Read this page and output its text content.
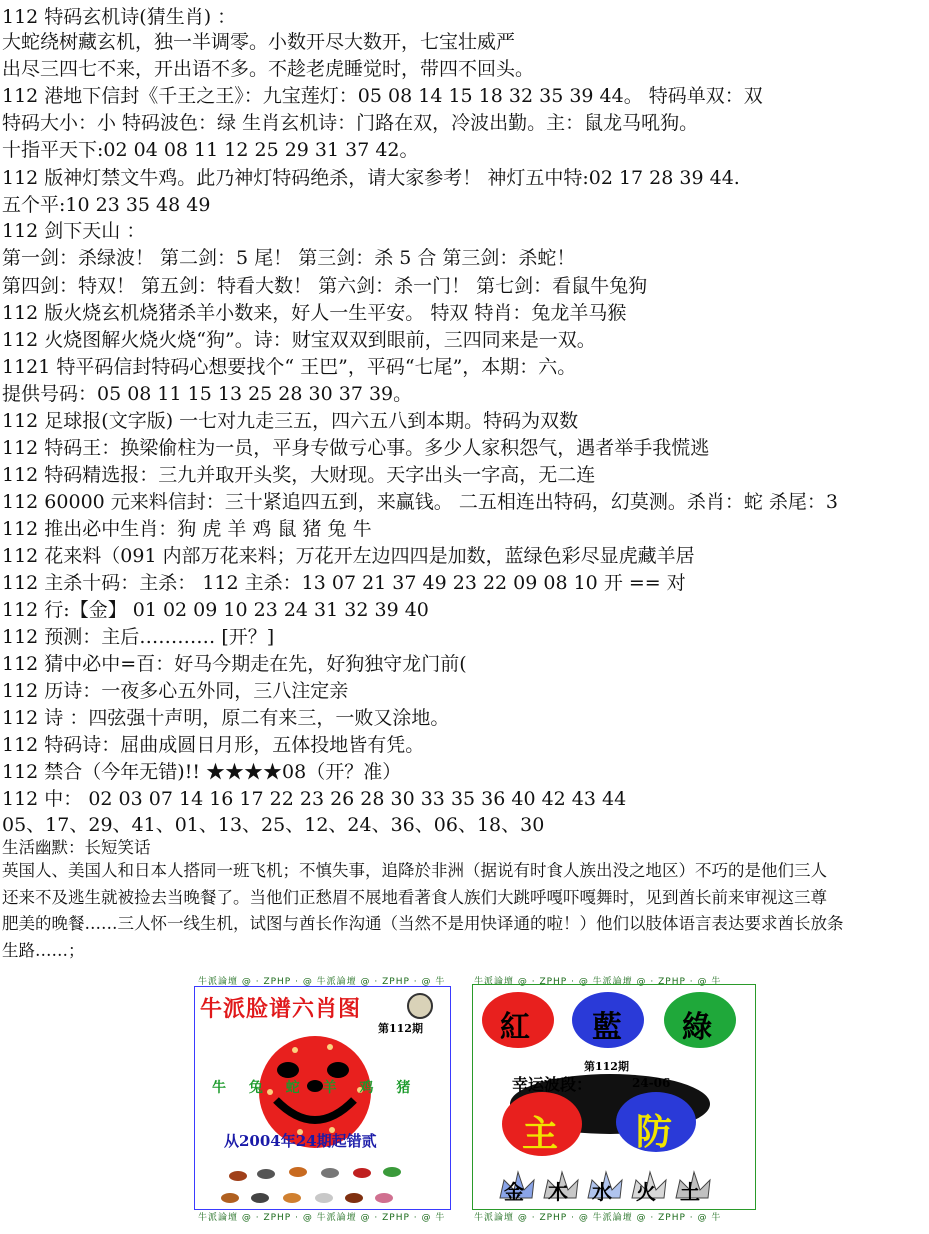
112 特码玄机诗(猜生肖) ：
大蛇绕树藏玄机，独一半调零。小数开尽大数开，七宝壮威严
出尽三四七不来，开出语不多。不趁老虎睡觉时，带四不回头。
112 港地下信封《千王之王》：九宝莲灯：05 08 14 15 18 32 35 39 44。 特码单双：双
特码大小：小 特码波色：绿 生肖玄机诗：门路在双，冷波出勤。主：鼠龙马吼狗。
十指平天下:02 04 08 11 12 25 29 31 37 42。
112 版神灯禁文牛鸡。此乃神灯特码绝杀，请大家参考！ 神灯五中特:02 17 28 39 44.
五个平:10 23 35 48 49
112 剑下天山 ：
第一剑：杀绿波！ 第二剑：5 尾！ 第三剑：杀 5 合 第三剑：杀蛇！
第四剑：特双！ 第五剑：特看大数！ 第六剑：杀一门！ 第七剑：看鼠牛兔狗
112 版火烧玄机烧猪杀羊小数来，好人一生平安。 特双 特肖：兔龙羊马猴
112 火烧图解火烧火烧“狗”。诗：财宝双双到眼前，三四同来是一双。
1121 特平码信封特码心想要找个“ 王巴”，平码“七尾”，本期：六。
提供号码：05 08 11 15 13 25 28 30 37 39。
112 足球报(文字版) 一七对九走三五，四六五八到本期。特码为双数
112 特码王：换梁偷柱为一员，平身专做亏心事。多少人家积怨气，遇者举手我慌逃
112 特码精选报：三九并取开头奖，大财现。天字出头一字高，无二连
112 60000 元来料信封：三十紧追四五到，来赢钱。 二五相连出特码，幻莫测。杀肖：蛇 杀尾：3
112 推出必中生肖：狗 虎 羊 鸡 鼠 猪 兔 牛
112 花来料（091 内部万花来料；万花开左边四四是加数，蓝绿色彩尽显虎藏羊居
112 主杀十码：主杀： 112 主杀：13 07 21 37 49 23 22 09 08 10 开 == 对
112 行:【金】 01 02 09 10 23 24 31 32 39 40
112 预测：主后………… [开？]
112 猜中必中=百：好马今期走在先，好狗独守龙门前(
112 历诗：一夜多心五外同，三八注定亲
112 诗 ：四弦强十声明，原二有来三，一败又涂地。
112 特码诗：屈曲成圆日月形，五体投地皆有凭。
112 禁合（今年无错)!! ★★★★08（开？准）
112 中： 02 03 07 14 16 17 22 23 26 28 30 33 35 36 40 42 43 44
05、17、29、41、01、13、25、12、24、36、06、18、30
生活幽默：长短笑话
英国人、美国人和日本人搭同一班飞机；不慎失事，追降於非洲（据说有时食人族出没之地区）不巧的是他们三人
还来不及逃生就被捡去当晚餐了。当他们正愁眉不展地看著食人族们大跳呼嘎吓嘎舞时，见到酋长前来审视这三尊
肥美的晚餐……三人怀一线生机，试图与酋长作沟通（当然不是用快译通的啦！）他们以肢体语言表达要求酋长放条
生路……；
牛派論壇 @ · ZPHP · @ 牛派論壇 @ · ZPHP · @ 牛
牛派論壇 @ · ZPHP · @ 牛派論壇 @ · ZPHP · @ 牛
牛派脸谱六肖图
第112期
牛 兔 蛇 羊 鸡 猪
从2004年24期起错贰
牛派論壇 @ · ZPHP · @ 牛派論壇 @ · ZPHP · @ 牛
牛派論壇 @ · ZPHP · @ 牛派論壇 @ · ZPHP · @ 牛
紅 藍 綠
第112期
幸运波段：	24-06
主 防
金 木 水 火 土
